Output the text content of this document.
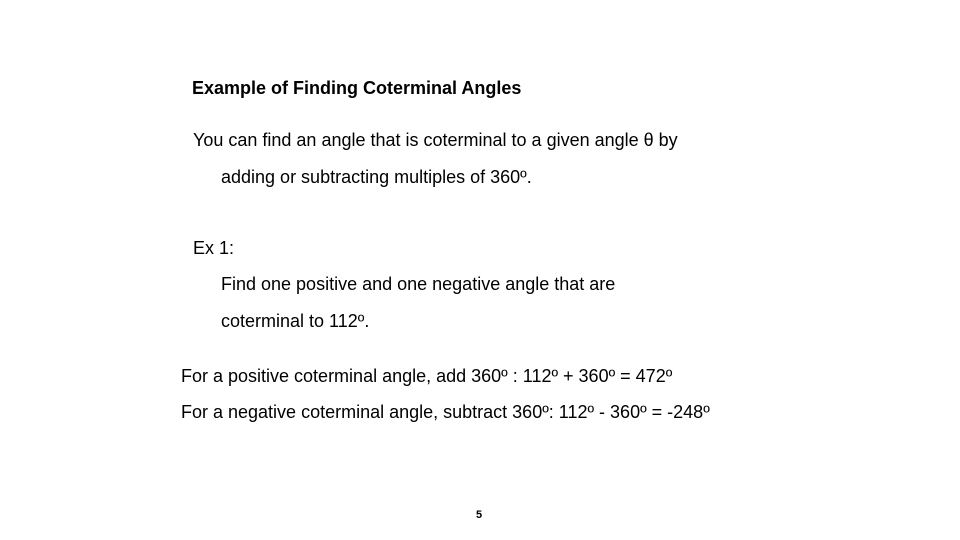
Example of Finding Coterminal Angles
You can find an angle that is coterminal to a given angle θ by
adding or subtracting multiples of 360º.
Ex 1:
Find one positive and one negative angle that are
coterminal to 112º.
For a positive coterminal angle, add 360º : 112º + 360º = 472º
For a negative coterminal angle, subtract 360º: 112º - 360º = -248º
5
